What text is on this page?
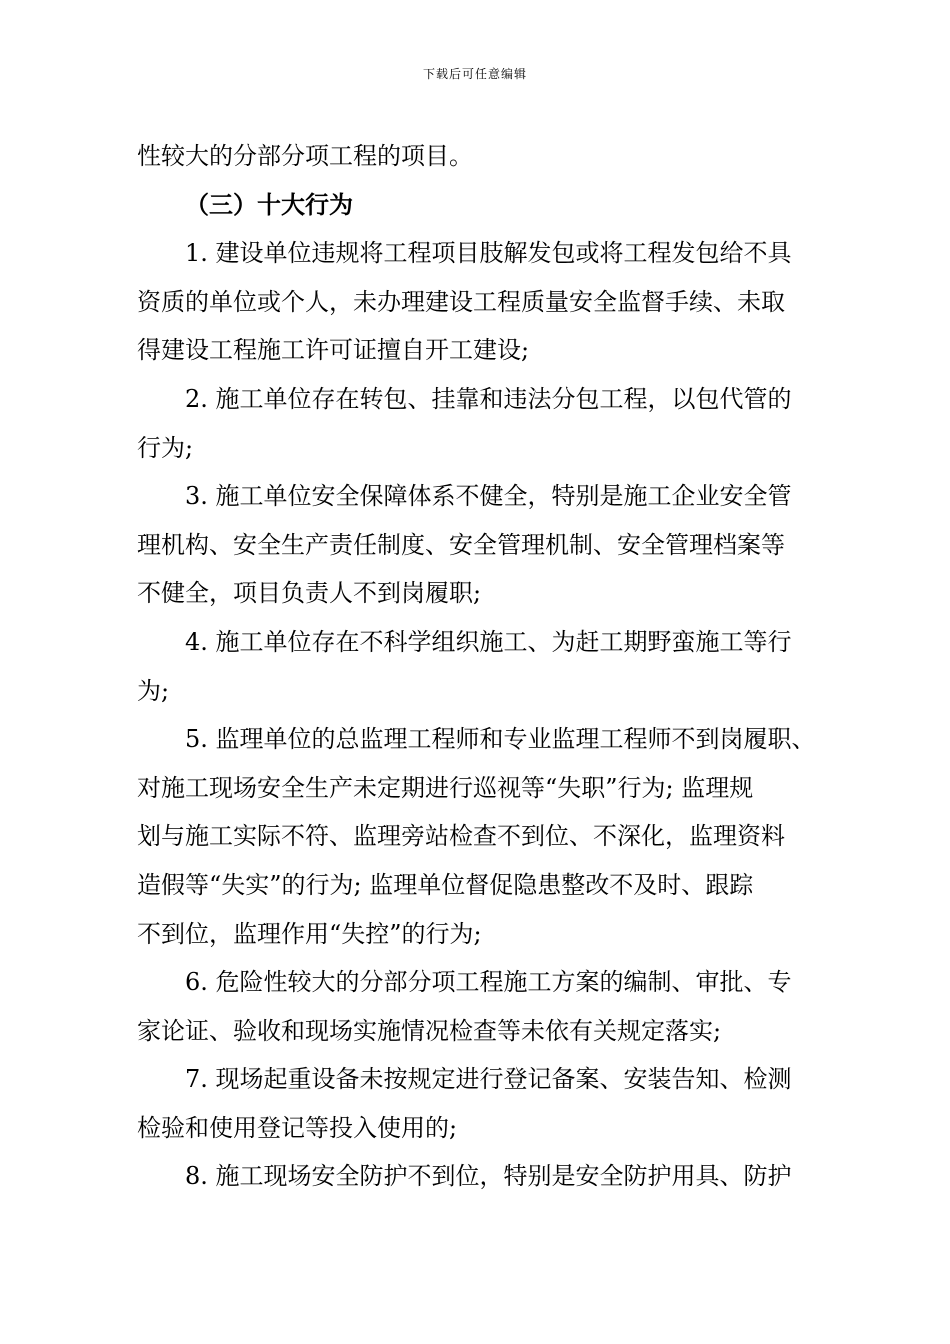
下载后可任意编辑

性较大的分部分项工程的项目。

（三）十大行为

1. 建设单位违规将工程项目肢解发包或将工程发包给不具

资质的单位或个人，未办理建设工程质量安全监督手续、未取

得建设工程施工许可证擅自开工建设;

2. 施工单位存在转包、挂靠和违法分包工程，以包代管的

行为;

3. 施工单位安全保障体系不健全，特别是施工企业安全管

理机构、安全生产责任制度、安全管理机制、安全管理档案等

不健全，项目负责人不到岗履职;

4. 施工单位存在不科学组织施工、为赶工期野蛮施工等行

为;

5. 监理单位的总监理工程师和专业监理工程师不到岗履职、

对施工现场安全生产未定期进行巡视等“失职”行为; 监理规

划与施工实际不符、监理旁站检查不到位、不深化，监理资料

造假等“失实”的行为; 监理单位督促隐患整改不及时、跟踪

不到位，监理作用“失控”的行为;

6. 危险性较大的分部分项工程施工方案的编制、审批、专

家论证、验收和现场实施情况检查等未依有关规定落实;

7. 现场起重设备未按规定进行登记备案、安装告知、检测

检验和使用登记等投入使用的;

8. 施工现场安全防护不到位，特别是安全防护用具、防护
